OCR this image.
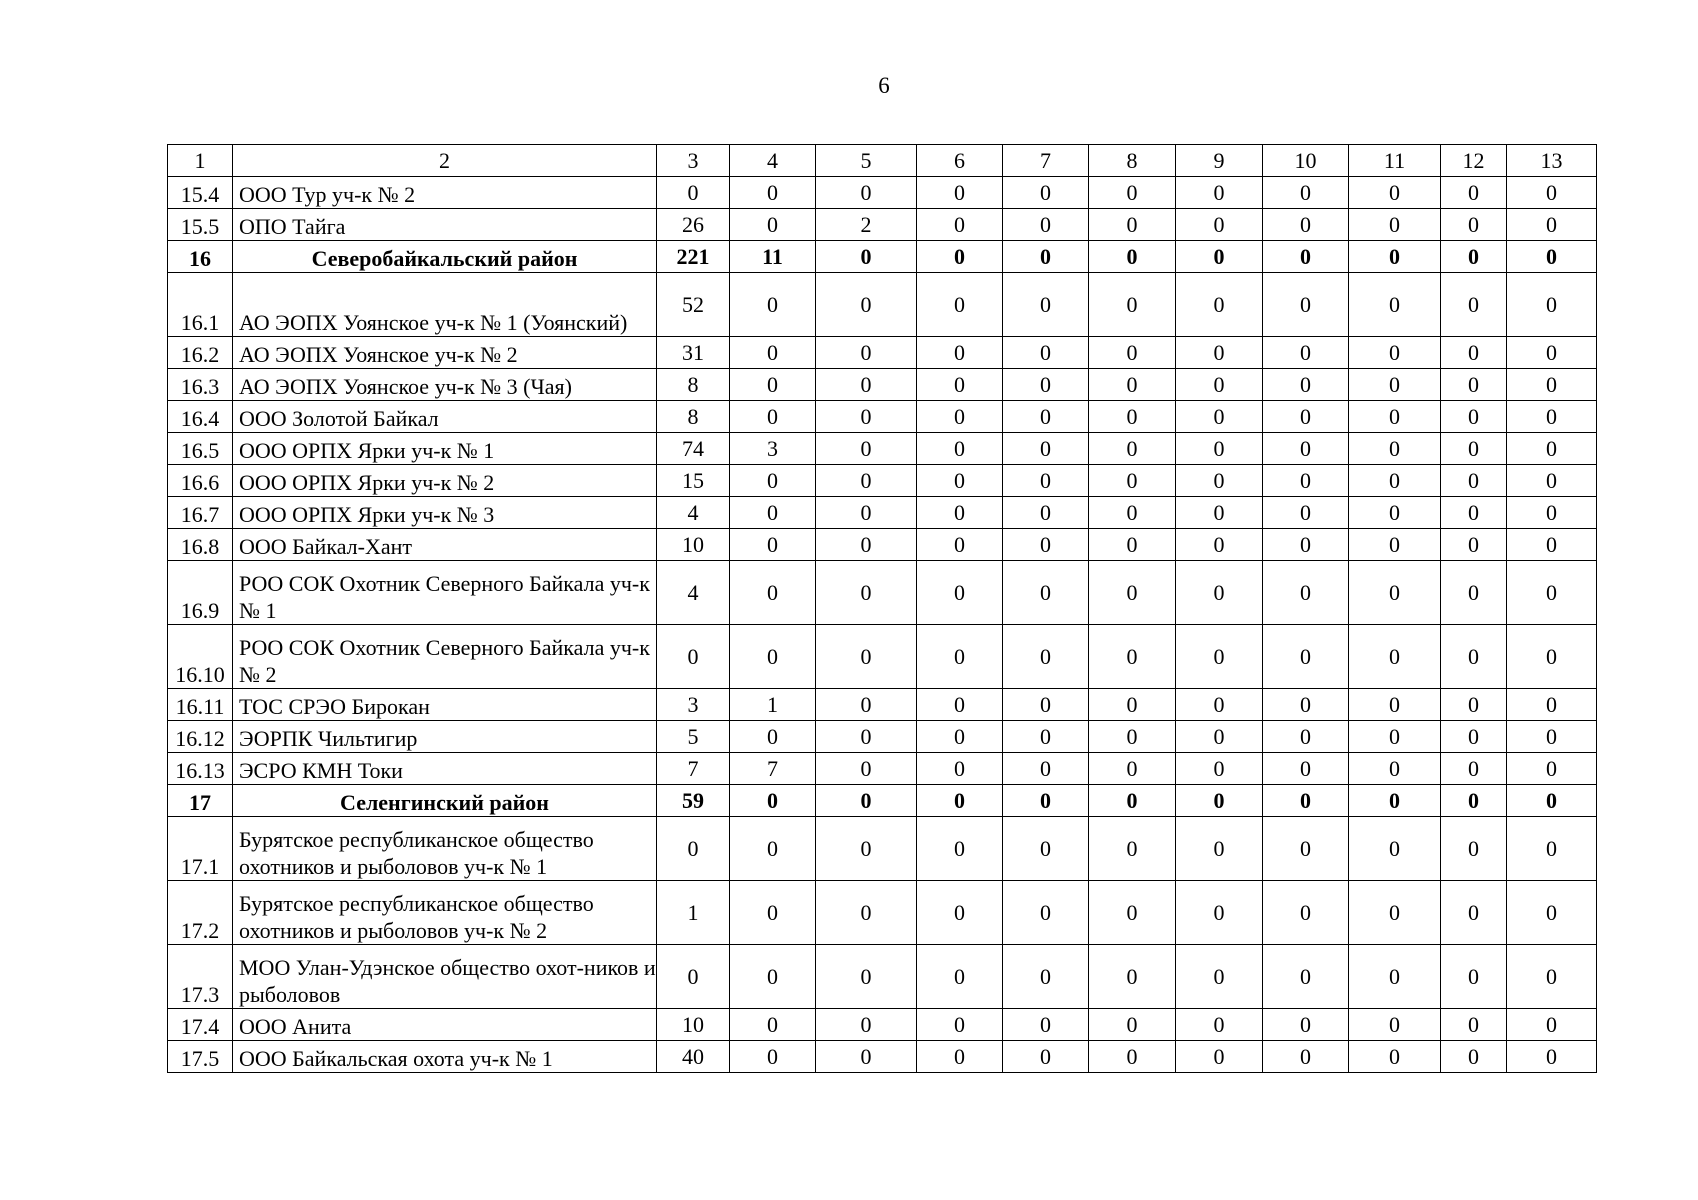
6
1	2	3	4	5	6	7	8	9	10	11	12	13
15.4	ООО Тур уч-к № 2	0	0	0	0	0	0	0	0	0	0	0
15.5	ОПО Тайга	26	0	2	0	0	0	0	0	0	0	0
16	Северобайкальский район	221	11	0	0	0	0	0	0	0	0	0
16.1	АО ЭОПХ Уоянское уч-к № 1 (Уоянский)	52	0	0	0	0	0	0	0	0	0	0
16.2	АО ЭОПХ Уоянское уч-к № 2	31	0	0	0	0	0	0	0	0	0	0
16.3	АО ЭОПХ Уоянское уч-к № 3 (Чая)	8	0	0	0	0	0	0	0	0	0	0
16.4	ООО Золотой Байкал	8	0	0	0	0	0	0	0	0	0	0
16.5	ООО ОРПХ Ярки уч-к № 1	74	3	0	0	0	0	0	0	0	0	0
16.6	ООО ОРПХ Ярки уч-к № 2	15	0	0	0	0	0	0	0	0	0	0
16.7	ООО ОРПХ Ярки уч-к № 3	4	0	0	0	0	0	0	0	0	0	0
16.8	ООО Байкал-Хант	10	0	0	0	0	0	0	0	0	0	0
16.9	РОО СОК Охотник Северного Байкала уч-к № 1	4	0	0	0	0	0	0	0	0	0	0
16.10	РОО СОК Охотник Северного Байкала уч-к № 2	0	0	0	0	0	0	0	0	0	0	0
16.11	ТОС СРЭО Бирокан	3	1	0	0	0	0	0	0	0	0	0
16.12	ЭОРПК Чильтигир	5	0	0	0	0	0	0	0	0	0	0
16.13	ЭСРО КМН Токи	7	7	0	0	0	0	0	0	0	0	0
17	Селенгинский район	59	0	0	0	0	0	0	0	0	0	0
17.1	Бурятское республиканское общество охотников и рыболовов уч-к № 1	0	0	0	0	0	0	0	0	0	0	0
17.2	Бурятское республиканское общество охотников и рыболовов уч-к № 2	1	0	0	0	0	0	0	0	0	0	0
17.3	МОО Улан-Удэнское общество охот-ников и рыболовов	0	0	0	0	0	0	0	0	0	0	0
17.4	ООО Анита	10	0	0	0	0	0	0	0	0	0	0
17.5	ООО Байкальская охота уч-к № 1	40	0	0	0	0	0	0	0	0	0	0
